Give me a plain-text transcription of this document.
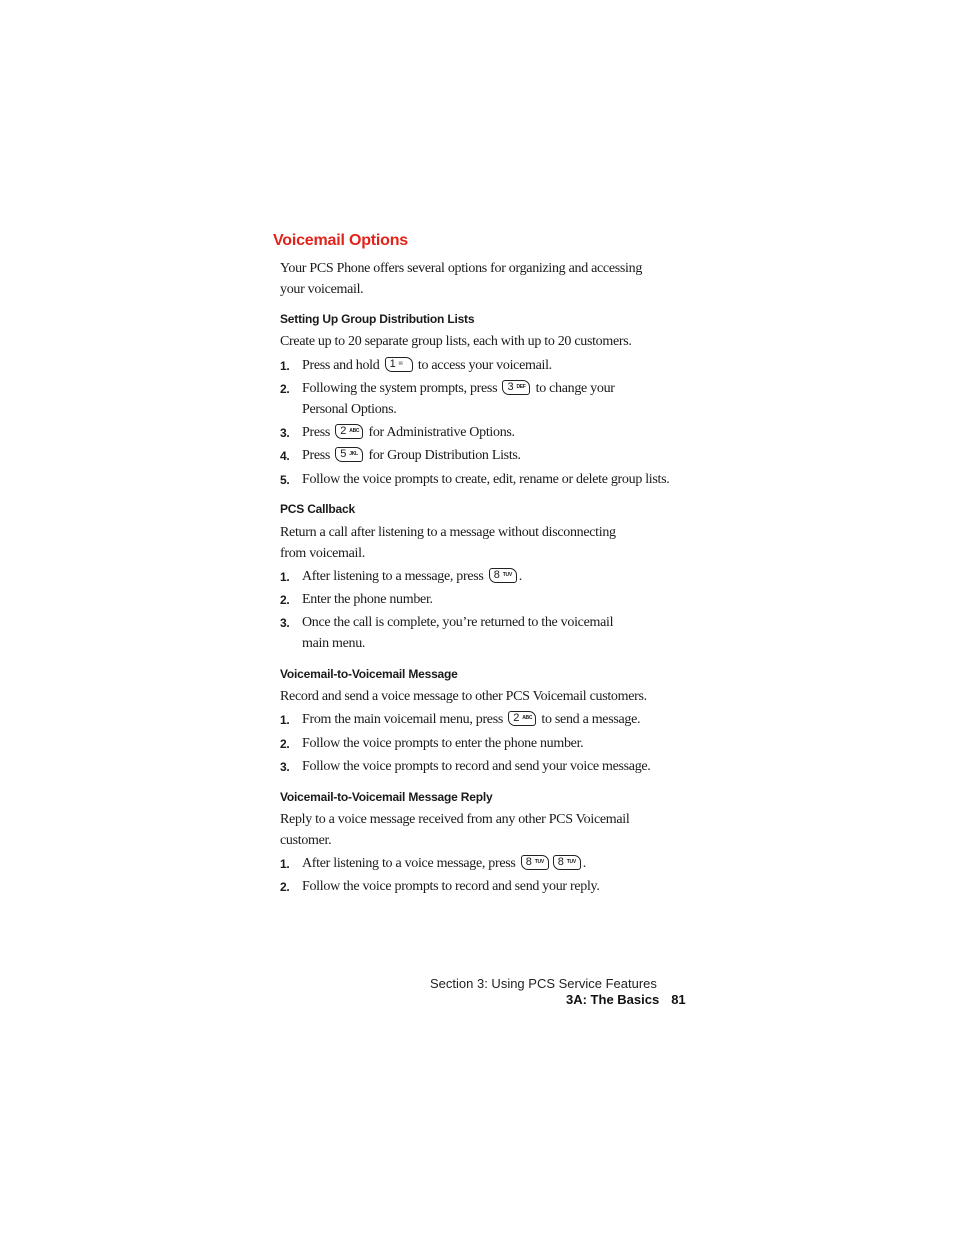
Voicemail Options

Your PCS Phone offers several options for organizing and accessing
your voicemail.

Setting Up Group Distribution Lists

Create up to 20 separate group lists, each with up to 20 customers.

1. Press and hold 1 ✉ to access your voicemail.
2. Following the system prompts, press 3 DEF to change your
Personal Options.
3. Press 2 ABC for Administrative Options.
4. Press 5 JKL for Group Distribution Lists.
5. Follow the voice prompts to create, edit, rename or delete group lists.
PCS Callback

Return a call after listening to a message without disconnecting
from voicemail.

1. After listening to a message, press 8 TUV .
2. Enter the phone number.
3. Once the call is complete, you’re returned to the voicemail
main menu.
Voicemail-to-Voicemail Message

Record and send a voice message to other PCS Voicemail customers.

1. From the main voicemail menu, press 2 ABC to send a message.
2. Follow the voice prompts to enter the phone number.
3. Follow the voice prompts to record and send your voice message.
Voicemail-to-Voicemail Message Reply

Reply to a voice message received from any other PCS Voicemail
customer.

1. After listening to a voice message, press 8 TUV 8 TUV .
2. Follow the voice prompts to record and send your reply.

Section 3: Using PCS Service Features

3A: The Basics 81
